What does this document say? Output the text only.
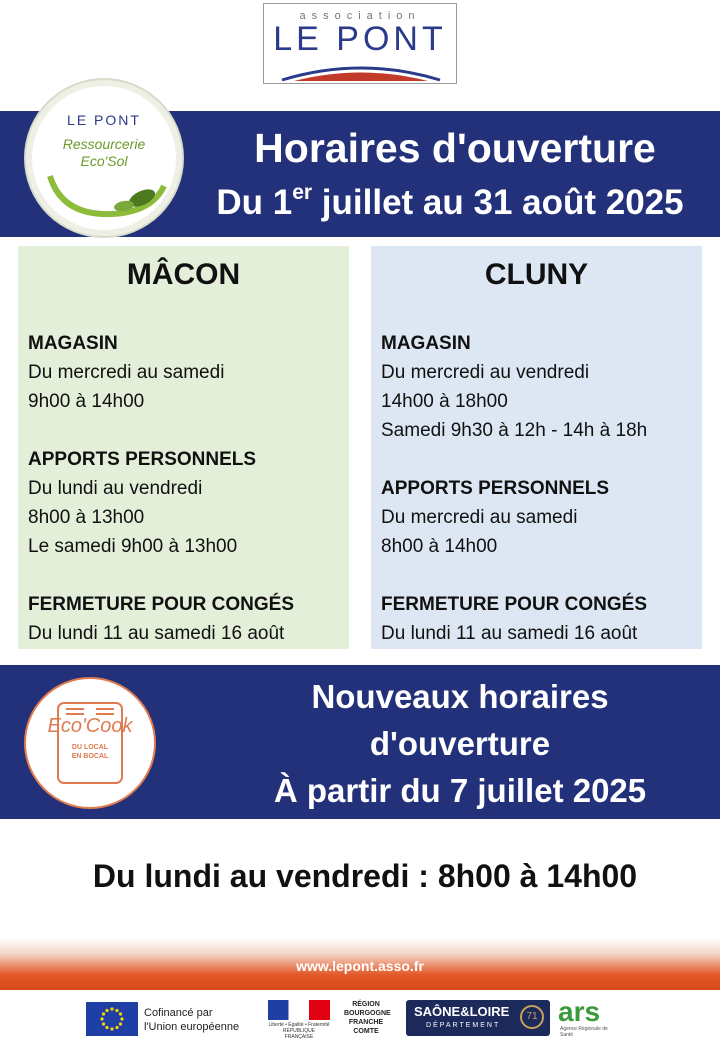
association
LE PONT
Horaires d'ouverture
Du 1er juillet au 31 août 2025
LE PONT
Ressourcerie
Eco'Sol
MÂCON
MAGASIN
Du mercredi au samedi
9h00 à 14h00
APPORTS PERSONNELS
Du lundi au vendredi
8h00 à 13h00
Le samedi 9h00 à 13h00
FERMETURE POUR CONGÉS
Du lundi 11 au samedi 16 août
CLUNY
MAGASIN
Du mercredi au vendredi
14h00 à 18h00
Samedi 9h30 à 12h - 14h à 18h
APPORTS PERSONNELS
Du mercredi au samedi
8h00 à 14h00
FERMETURE POUR CONGÉS
Du lundi 11 au samedi 16 août
Nouveaux horaires
d'ouverture
À partir du 7 juillet 2025
Eco'Cook
DU LOCAL
EN BOCAL
Du lundi au vendredi : 8h00 à 14h00
www.lepont.asso.fr
Cofinancé par
l'Union européenne	Liberté • Égalité • Fraternité
RÉPUBLIQUE FRANÇAISE
RÉGION
BOURGOGNE
FRANCHE
COMTE
SAÔNE&LOIRE
DÉPARTEMENT
71 ars
Agence Régionale de Santé
